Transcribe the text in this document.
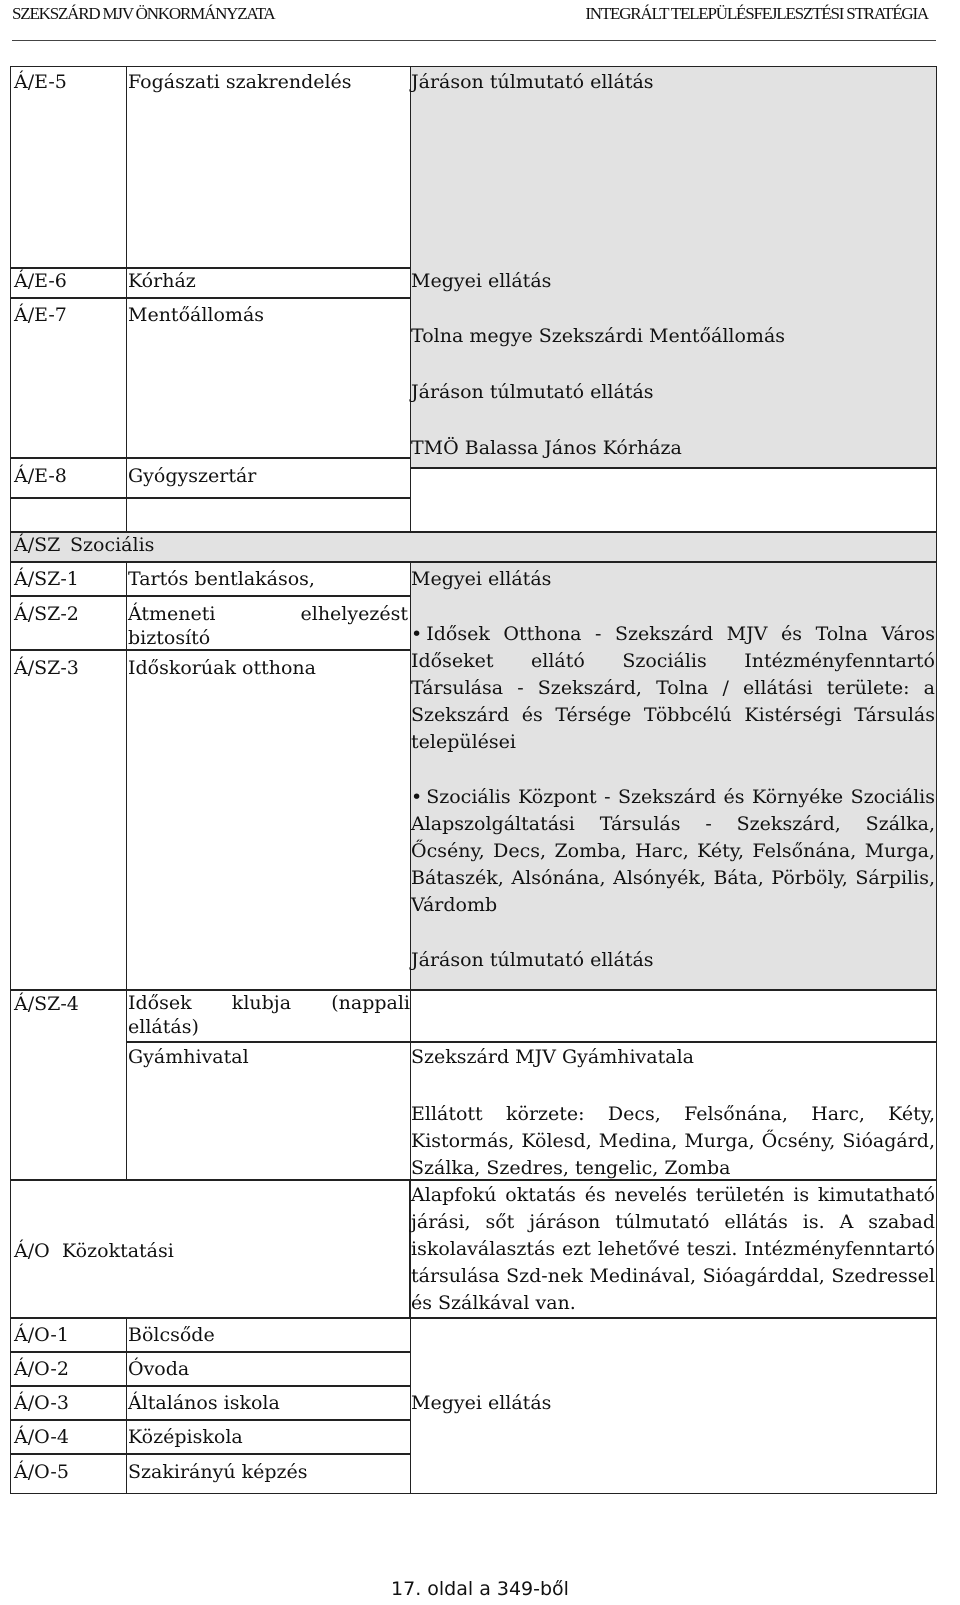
SZEKSZÁRD MJV ÖNKORMÁNYZATA	INTEGRÁLT TELEPÜLÉSFEJLESZTÉSI STRATÉGIA
Á/E-5	Fogászati szakrendelés	Járáson túlmutató ellátás
Á/E-6	Kórház	Megyei ellátás
Á/E-7	Mentőállomás
Tolna megye Szekszárdi Mentőállomás
Járáson túlmutató ellátás
TMÖ Balassa János Kórháza
Á/E-8	Gyógyszertár
Á/SZ Szociális
Á/SZ-1	Tartós bentlakásos,	Megyei ellátás
Á/SZ-2	Átmeneti elhelyezést
biztosító
Á/SZ-3	Időskorúak otthona
• Idősek Otthona - Szekszárd MJV és Tolna Város Időseket ellátó Szociális Intézményfenntartó Társulása - Szekszárd, Tolna / ellátási területe: a Szekszárd és Térsége Többcélú Kistérségi Társulás települései
• Szociális Központ - Szekszárd és Környéke Szociális Alapszolgáltatási Társulás - Szekszárd, Szálka, Őcsény, Decs, Zomba, Harc, Kéty, Felsőnána, Murga, Bátaszék, Alsónána, Alsónyék, Báta, Pörböly, Sárpilis, Várdomb
Járáson túlmutató ellátás
Á/SZ-4	Idősek klubja (nappali ellátás)
Gyámhivatal	Szekszárd MJV Gyámhivatala
Ellátott körzete: Decs, Felsőnána, Harc, Kéty, Kistormás, Kölesd, Medina, Murga, Őcsény, Sióagárd, Szálka, Szedres, tengelic, Zomba
Á/O Közoktatási
Alapfokú oktatás és nevelés területén is kimutatható járási, sőt járáson túlmutató ellátás is. A szabad iskolaválasztás ezt lehetővé teszi. Intézményfenntartó társulása Szd-nek Medinával, Sióagárddal, Szedressel és Szálkával van.
Á/O-1	Bölcsőde
Á/O-2	Óvoda
Á/O-3	Általános iskola	Megyei ellátás
Á/O-4	Középiskola
Á/O-5	Szakirányú képzés
17. oldal a 349-ből
